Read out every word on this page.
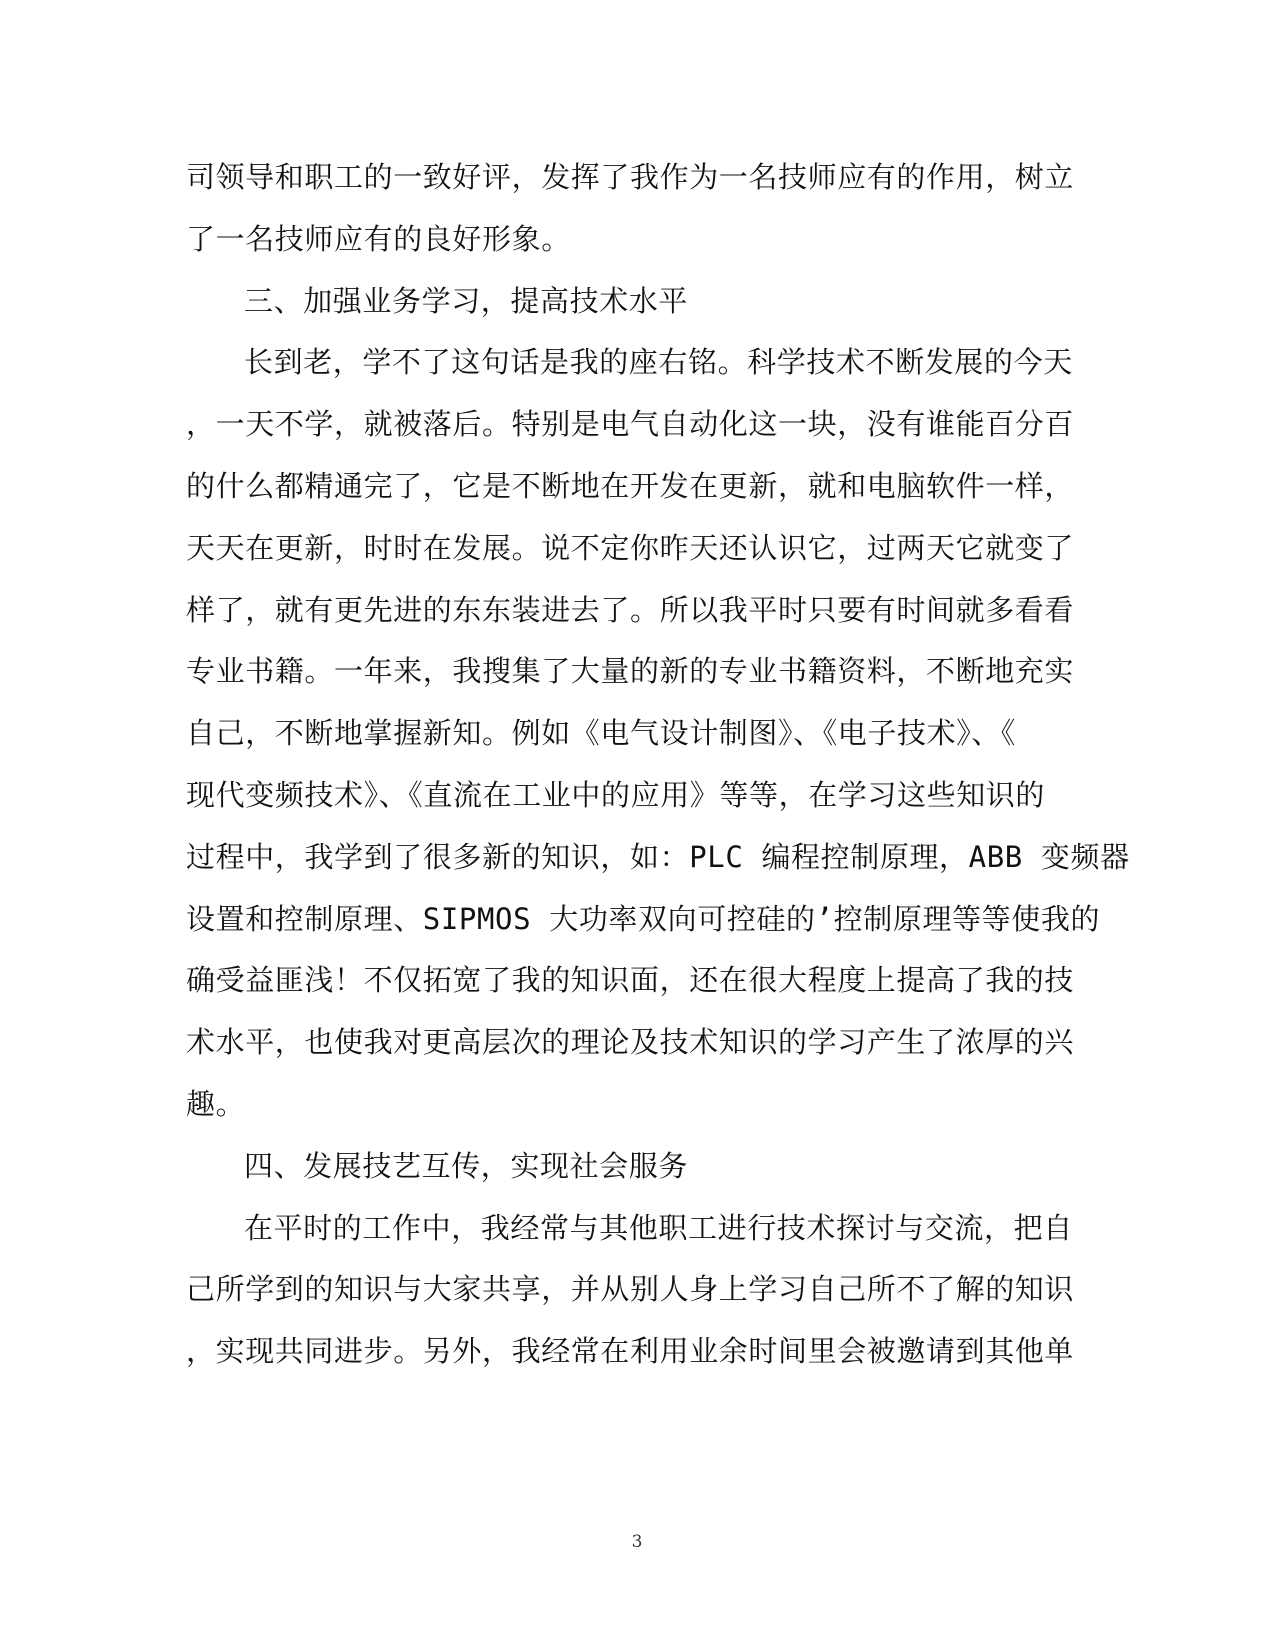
司领导和职工的一致好评，发挥了我作为一名技师应有的作用，树立
了一名技师应有的良好形象。
三、加强业务学习，提高技术水平
长到老，学不了这句话是我的座右铭。科学技术不断发展的今天
，一天不学，就被落后。特别是电气自动化这一块，没有谁能百分百
的什么都精通完了，它是不断地在开发在更新，就和电脑软件一样，
天天在更新，时时在发展。说不定你昨天还认识它，过两天它就变了
样了，就有更先进的东东装进去了。所以我平时只要有时间就多看看
专业书籍。一年来，我搜集了大量的新的专业书籍资料，不断地充实
自己，不断地掌握新知。例如《电气设计制图》、《电子技术》、《
现代变频技术》、《直流在工业中的应用》等等，在学习这些知识的
过程中，我学到了很多新的知识，如：PLC 编程控制原理，ABB 变频器
设置和控制原理、SIPMOS 大功率双向可控硅的’控制原理等等使我的
确受益匪浅！不仅拓宽了我的知识面，还在很大程度上提高了我的技
术水平，也使我对更高层次的理论及技术知识的学习产生了浓厚的兴
趣。
四、发展技艺互传，实现社会服务
在平时的工作中，我经常与其他职工进行技术探讨与交流，把自
己所学到的知识与大家共享，并从别人身上学习自己所不了解的知识
，实现共同进步。另外，我经常在利用业余时间里会被邀请到其他单
3
